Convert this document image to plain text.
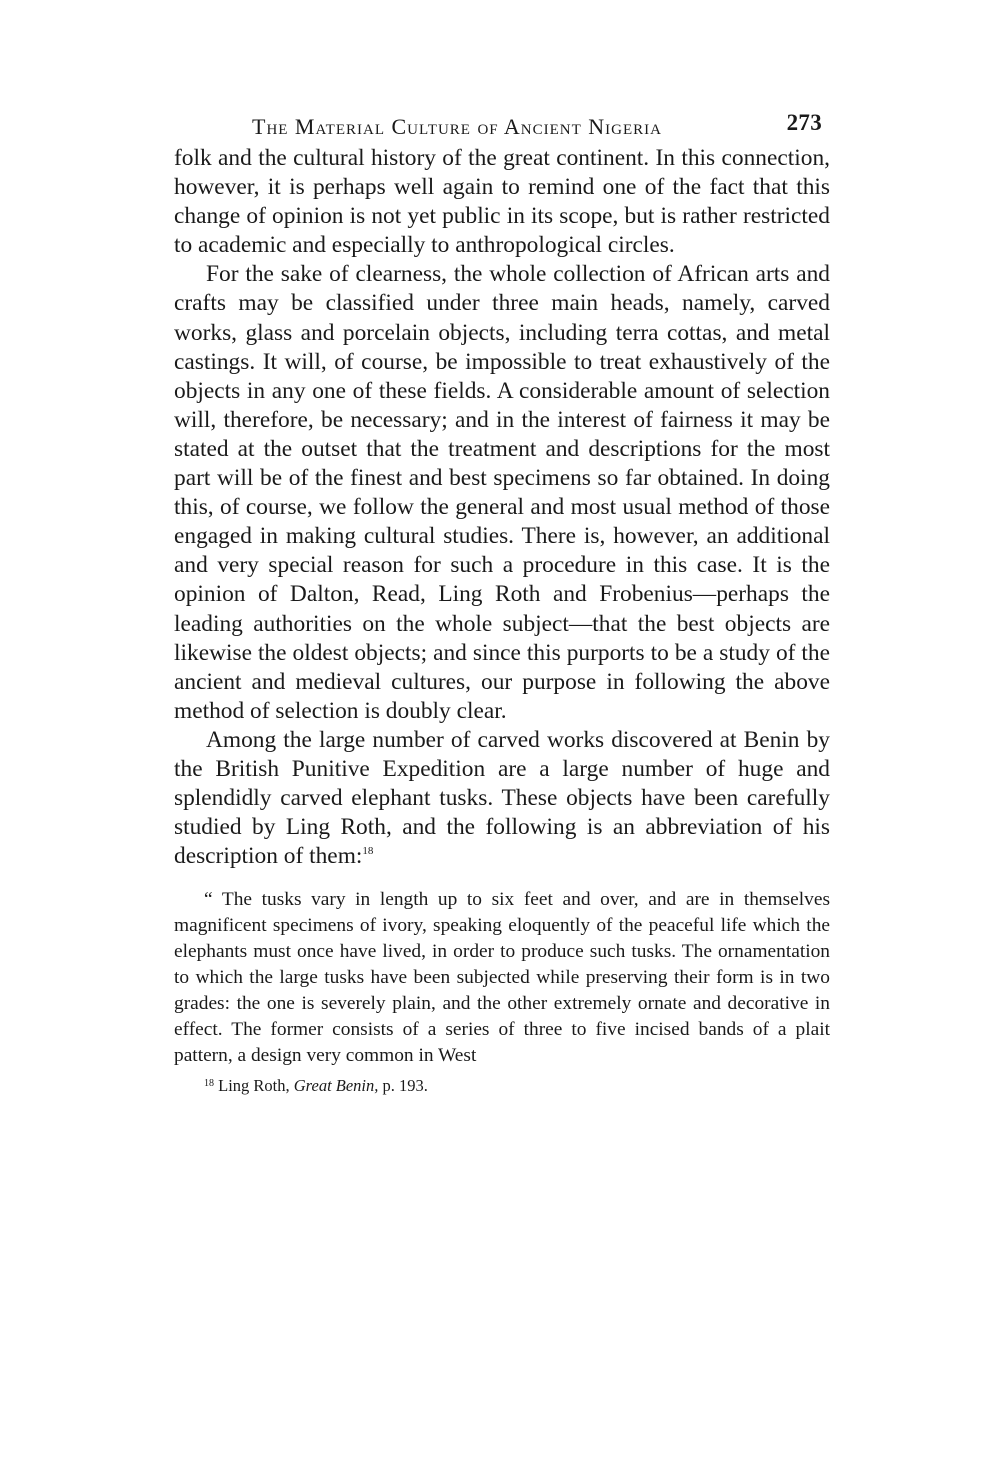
The Material Culture of Ancient Nigeria	273

folk and the cultural history of the great continent. In this connection, however, it is perhaps well again to remind one of the fact that this change of opinion is not yet public in its scope, but is rather restricted to academic and especially to anthropological circles.

For the sake of clearness, the whole collection of African arts and crafts may be classified under three main heads, namely, carved works, glass and porcelain objects, including terra cottas, and metal castings. It will, of course, be impossible to treat exhaustively of the objects in any one of these fields. A considerable amount of selection will, therefore, be necessary; and in the interest of fairness it may be stated at the outset that the treatment and descriptions for the most part will be of the finest and best specimens so far obtained. In doing this, of course, we follow the general and most usual method of those engaged in making cultural studies. There is, however, an additional and very special reason for such a procedure in this case. It is the opinion of Dalton, Read, Ling Roth and Frobenius—perhaps the leading authorities on the whole subject—that the best objects are likewise the oldest objects; and since this purports to be a study of the ancient and medieval cultures, our purpose in following the above method of selection is doubly clear.

Among the large number of carved works discovered at Benin by the British Punitive Expedition are a large number of huge and splendidly carved elephant tusks. These objects have been carefully studied by Ling Roth, and the following is an abbreviation of his description of them:$^{18}$

“ The tusks vary in length up to six feet and over, and are in themselves magnificent specimens of ivory, speaking eloquently of the peaceful life which the elephants must once have lived, in order to produce such tusks. The ornamentation to which the large tusks have been subjected while preserving their form is in two grades: the one is severely plain, and the other extremely ornate and decorative in effect. The former consists of a series of three to five incised bands of a plait pattern, a design very common in West

$^{18}$ Ling Roth, Great Benin, p. 193.
